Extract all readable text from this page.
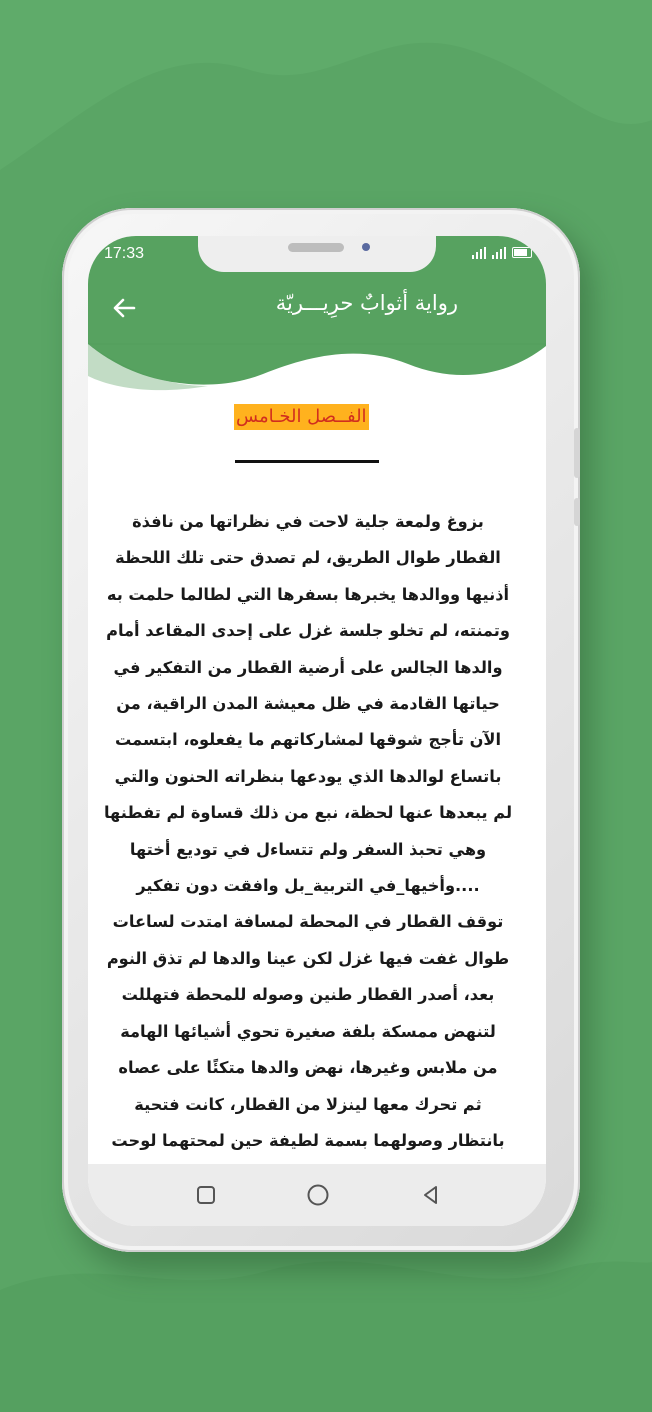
17:33
رواية أثوابٌ حرِيـــريّة
الفــصل الخـامس
بزوغ ولمعة جلية لاحت في نظراتها من نافذة
القطار طوال الطريق، لم تصدق حتى تلك اللحظة
أذنيها ووالدها يخبرها بسفرها التي لطالما حلمت به
وتمنته، لم تخلو جلسة غزل على إحدى المقاعد أمام
والدها الجالس على أرضية القطار من التفكير في
حياتها القادمة في ظل معيشة المدن الراقية، من
الآن تأجج شوقها لمشاركاتهم ما يفعلوه، ابتسمت
باتساع لوالدها الذي يودعها بنظراته الحنون والتي
لم يبعدها عنها لحظة، نبع من ذلك قساوة لم تفطنها
وهي تحبذ السفر ولم تتساءل في توديع أختها
....وأخيها_في التربية_بل وافقت دون تفكير
توقف القطار في المحطة لمسافة امتدت لساعات
طوال غفت فيها غزل لكن عينا والدها لم تذق النوم
بعد، أصدر القطار طنين وصوله للمحطة فتهللت
لتنهض ممسكة بلفة صغيرة تحوي أشيائها الهامة
من ملابس وغيرها، نهض والدها متكئًا على عصاه
ثم تحرك معها لينزلا من القطار، كانت فتحية
بانتظار وصولهما بسمة لطيفة حين لمحتهما لوحت
